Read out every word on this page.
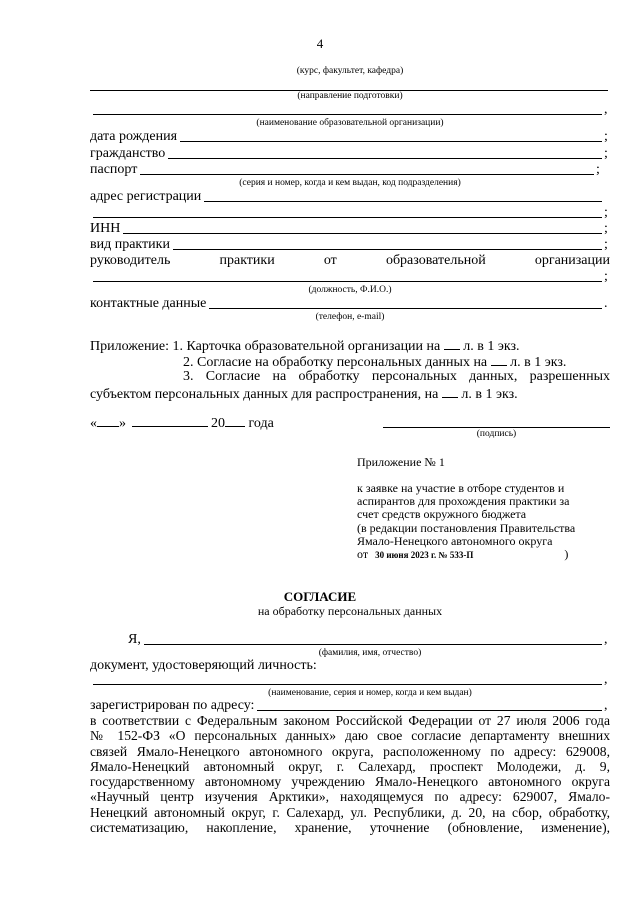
4
(курс, факультет, кафедра)
(направление подготовки)
,
(наименование образовательной организации)
дата рождения	;
гражданство	;
паспорт	;
(серия и номер, когда и кем выдан, код подразделения)
адрес регистрации
;
ИНН	;
вид практики	;
руководитель	практики	от	образовательной	организации
;
(должность, Ф.И.О.)
контактные данные	.
(телефон, e-mail)
Приложение: 1. Карточка образовательной организации на л. в 1 экз.
2. Согласие на обработку персональных данных на л. в 1 экз.
3. Согласие на обработку персональных данных, разрешенных
субъектом персональных данных для распространения, на л. в 1 экз.
« »	20 года
(подпись)
Приложение № 1
к заявке на участие в отборе студентов и
аспирантов для прохождения практики за
счет средств окружного бюджета
(в редакции постановления Правительства
Ямало-Ненецкого автономного округа
от 30 июня 2023 г. № 533-П	)
СОГЛАСИЕ
на обработку персональных данных
Я,	,
(фамилия, имя, отчество)
документ, удостоверяющий личность:
,
(наименование, серия и номер, когда и кем выдан)
зарегистрирован по адресу:	,
в соответствии с Федеральным законом Российской Федерации от 27 июля 2006 года
№ 152-ФЗ «О персональных данных» даю свое согласие департаменту внешних
связей Ямало-Ненецкого автономного округа, расположенному по адресу: 629008,
Ямало-Ненецкий автономный округ, г. Салехард, проспект Молодежи, д. 9,
государственному автономному учреждению Ямало-Ненецкого автономного округа
«Научный центр изучения Арктики», находящемуся по адресу: 629007, Ямало-
Ненецкий автономный округ, г. Салехард, ул. Республики, д. 20, на сбор, обработку,
систематизацию, накопление, хранение, уточнение (обновление, изменение),
